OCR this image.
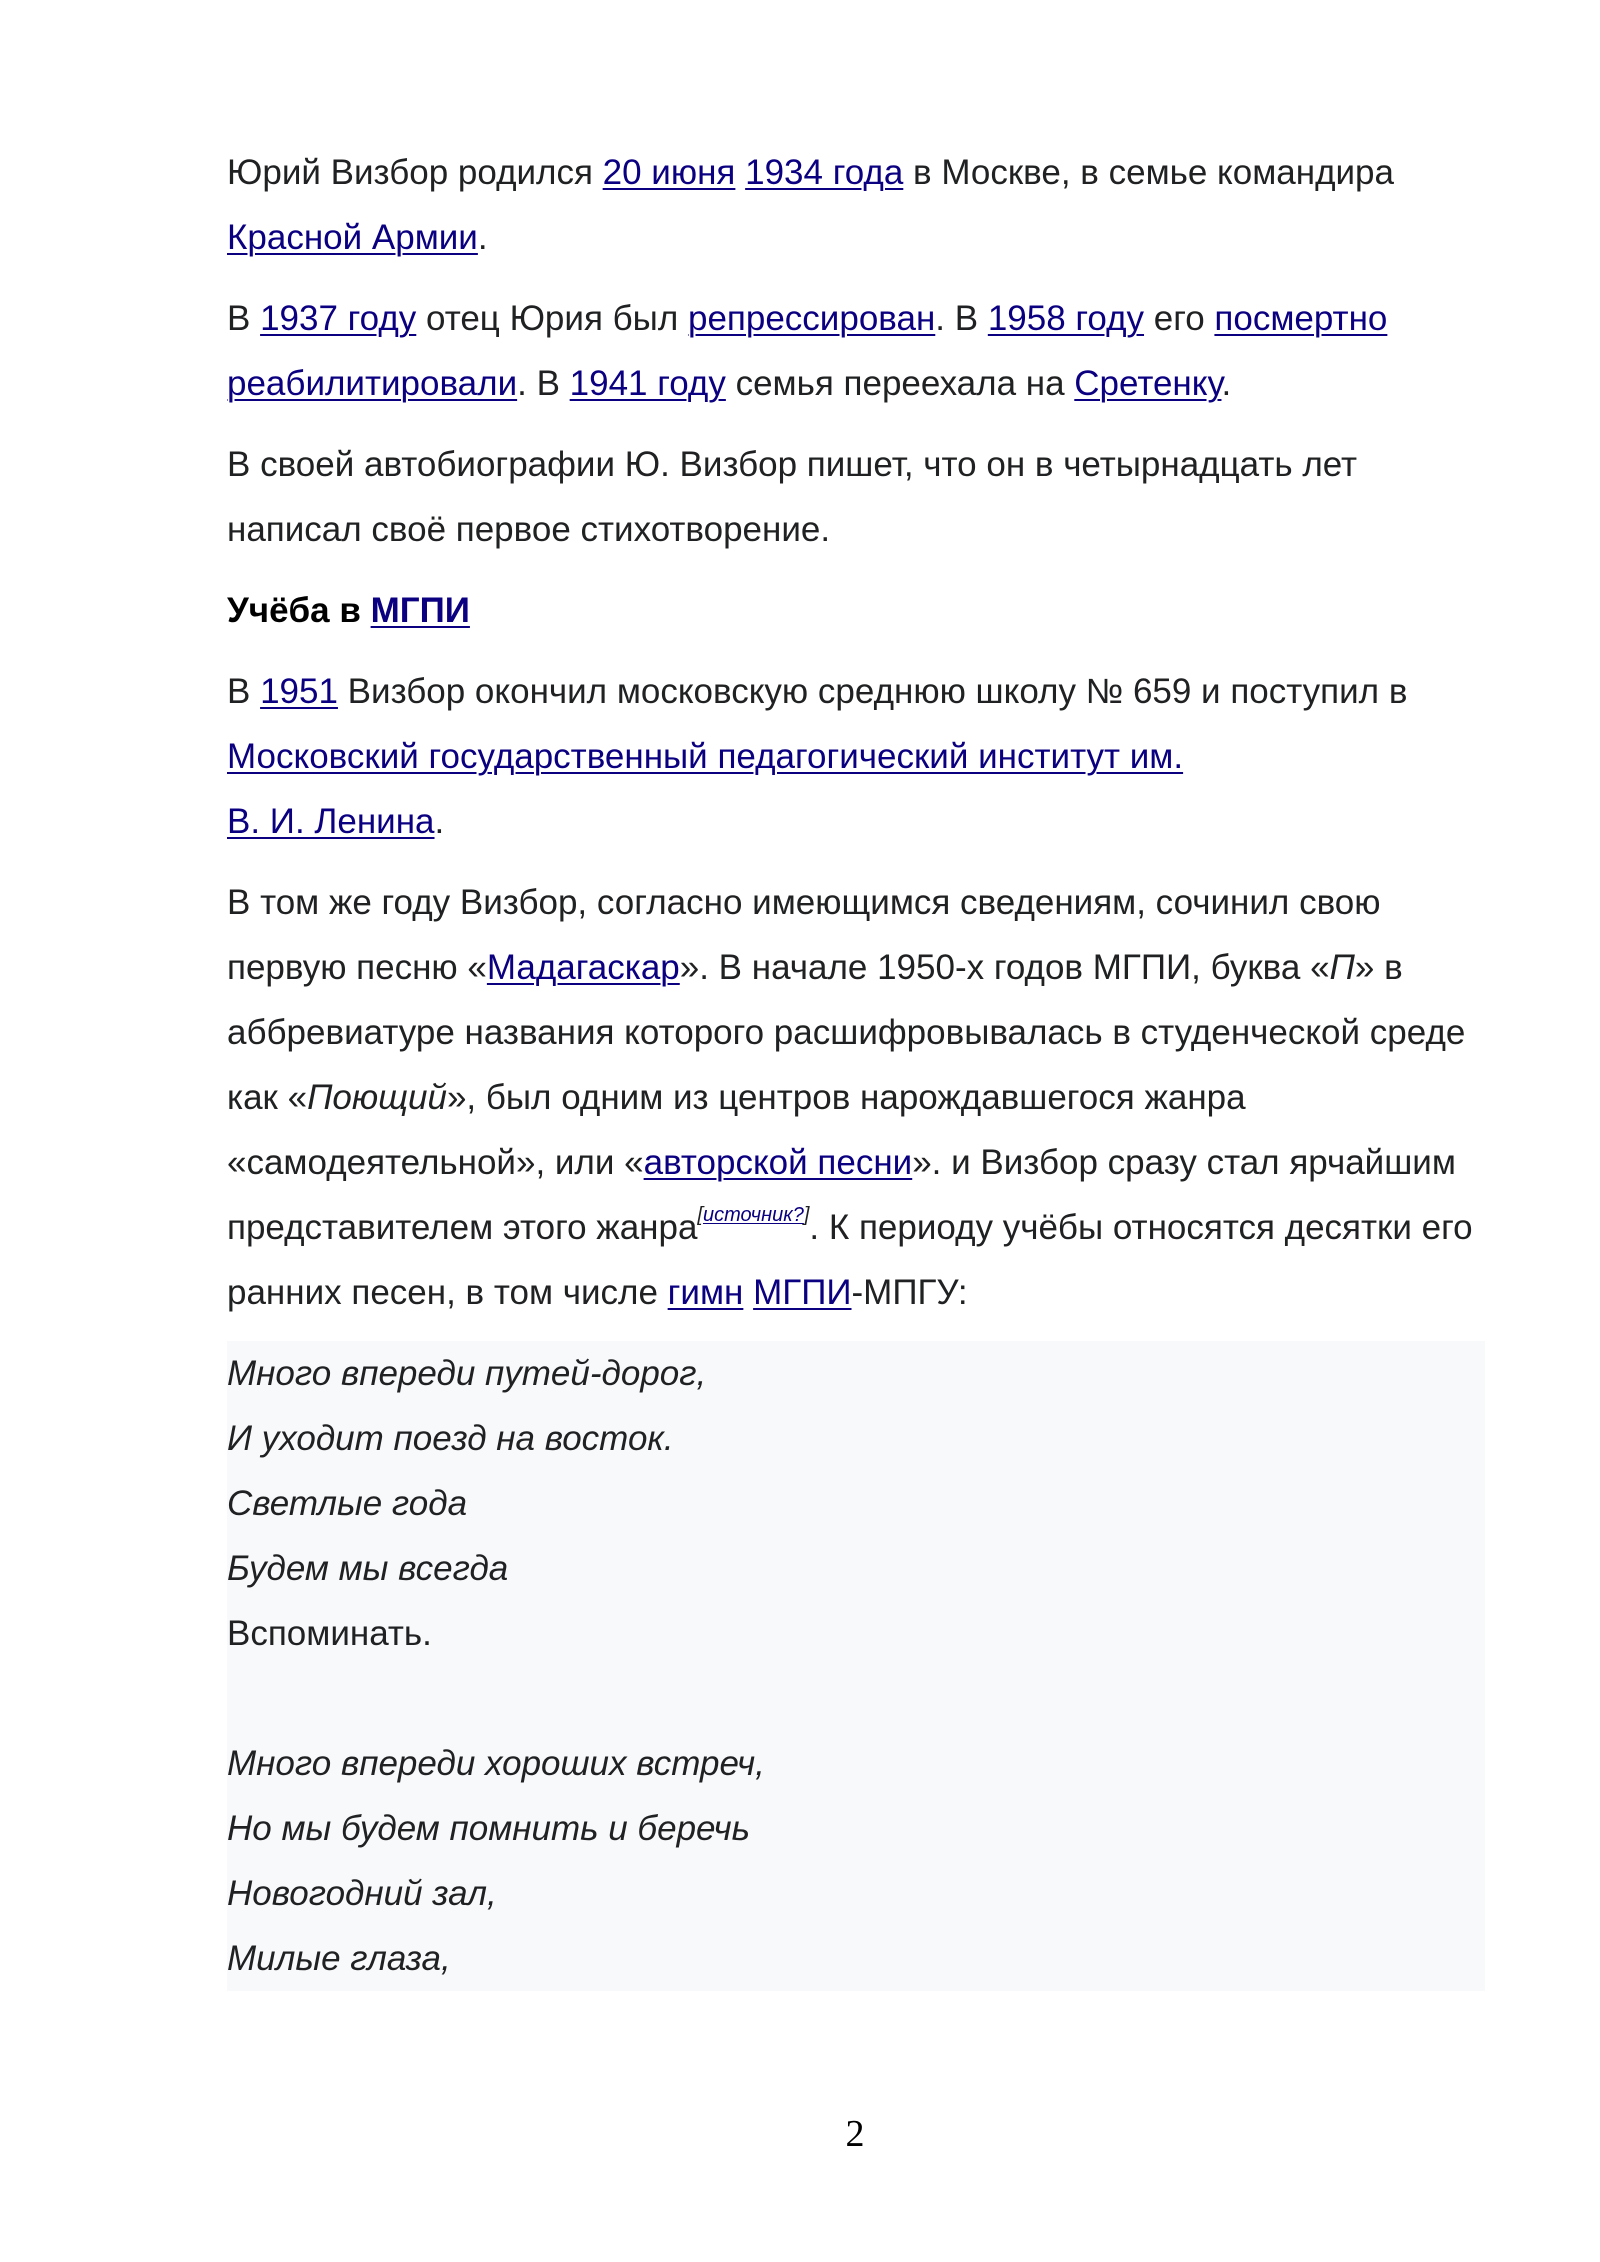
Юрий Визбор родился 20 июня 1934 года в Москве, в семье командира Красной Армии.

В 1937 году отец Юрия был репрессирован. В 1958 году его посмертно реабилитировали. В 1941 году семья переехала на Сретенку.

В своей автобиографии Ю. Визбор пишет, что он в четырнадцать лет написал своё первое стихотворение.

Учёба в МГПИ

В 1951 Визбор окончил московскую среднюю школу № 659 и поступил в Московский государственный педагогический институт им.
В. И. Ленина.

В том же году Визбор, согласно имеющимся сведениям, сочинил свою первую песню «Мадагаскар». В начале 1950-х годов МГПИ, буква «П» в аббревиатуре названия которого расшифровывалась в студенческой среде как «Поющий», был одним из центров нарождавшегося жанра «самодеятельной», или «авторской песни». и Визбор сразу стал ярчайшим представителем этого жанра[источник?]. К периоду учёбы относятся десятки его ранних песен, в том числе гимн МГПИ-МПГУ:

Много впереди путей-дорог,
И уходит поезд на восток.
Светлые года
Будем мы всегда
Вспоминать.
Много впереди хороших встреч,
Но мы будем помнить и беречь
Новогодний зал,
Милые глаза,
2
